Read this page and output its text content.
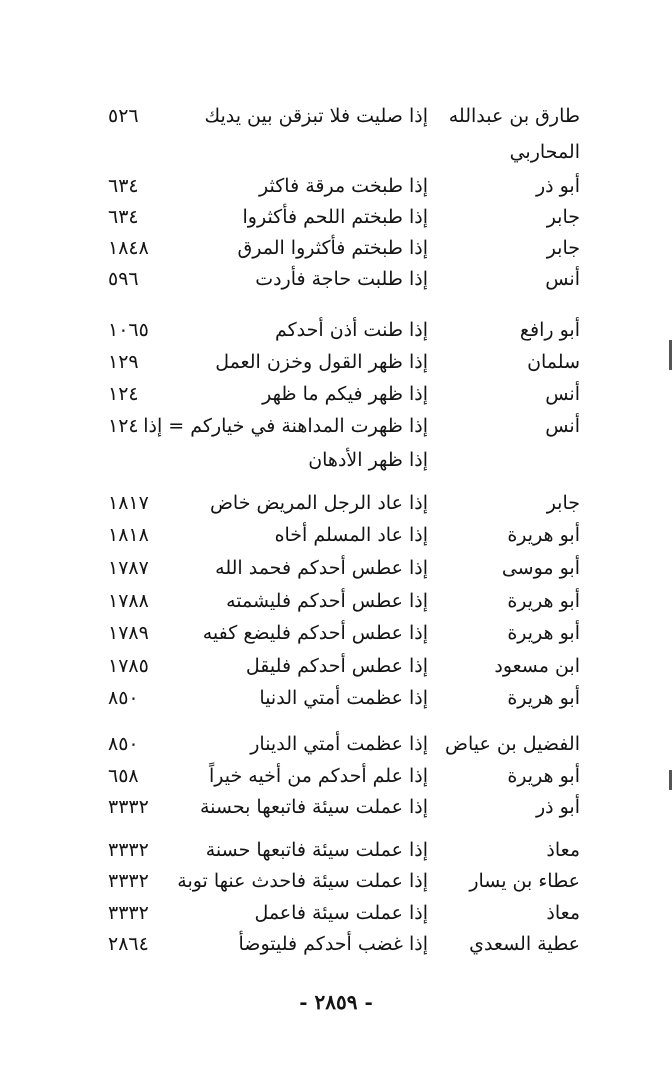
طارق بن عبدالله
إذا صليت فلا تبزقن بين يديك
٥٢٦
المحاربي
أبو ذر
إذا طبخت مرقة فاكثر
٦٣٤
جابر
إذا طبختم اللحم فأكثروا
٦٣٤
جابر
إذا طبختم فأكثروا المرق
١٨٤٨
أنس
إذا طلبت حاجة فأردت
٥٩٦
أبو رافع
إذا طنت أذن أحدكم
١٠٦٥
سلمان
إذا ظهر القول وخزن العمل
١٢٩
أنس
إذا ظهر فيكم ما ظهر
١٢٤
أنس
إذا ظهرت المداهنة في خياركم = إذا
١٢٤
إذا ظهر الأدهان
جابر
إذا عاد الرجل المريض خاض
١٨١٧
أبو هريرة
إذا عاد المسلم أخاه
١٨١٨
أبو موسى
إذا عطس أحدكم فحمد الله
١٧٨٧
أبو هريرة
إذا عطس أحدكم فليشمته
١٧٨٨
أبو هريرة
إذا عطس أحدكم فليضع كفيه
١٧٨٩
ابن مسعود
إذا عطس أحدكم فليقل
١٧٨٥
أبو هريرة
إذا عظمت أمتي الدنيا
٨٥٠
الفضيل بن عياض
إذا عظمت أمتي الدينار
٨٥٠
أبو هريرة
إذا علم أحدكم من أخيه خيراً
٦٥٨
أبو ذر
إذا عملت سيئة فاتبعها بحسنة
٣٣٣٢
معاذ
إذا عملت سيئة فاتبعها حسنة
٣٣٣٢
عطاء بن يسار
إذا عملت سيئة فاحدث عنها توبة
٣٣٣٢
معاذ
إذا عملت سيئة فاعمل
٣٣٣٢
عطية السعدي
إذا غضب أحدكم فليتوضأ
٢٨٦٤
- ٢٨٥٩ -
